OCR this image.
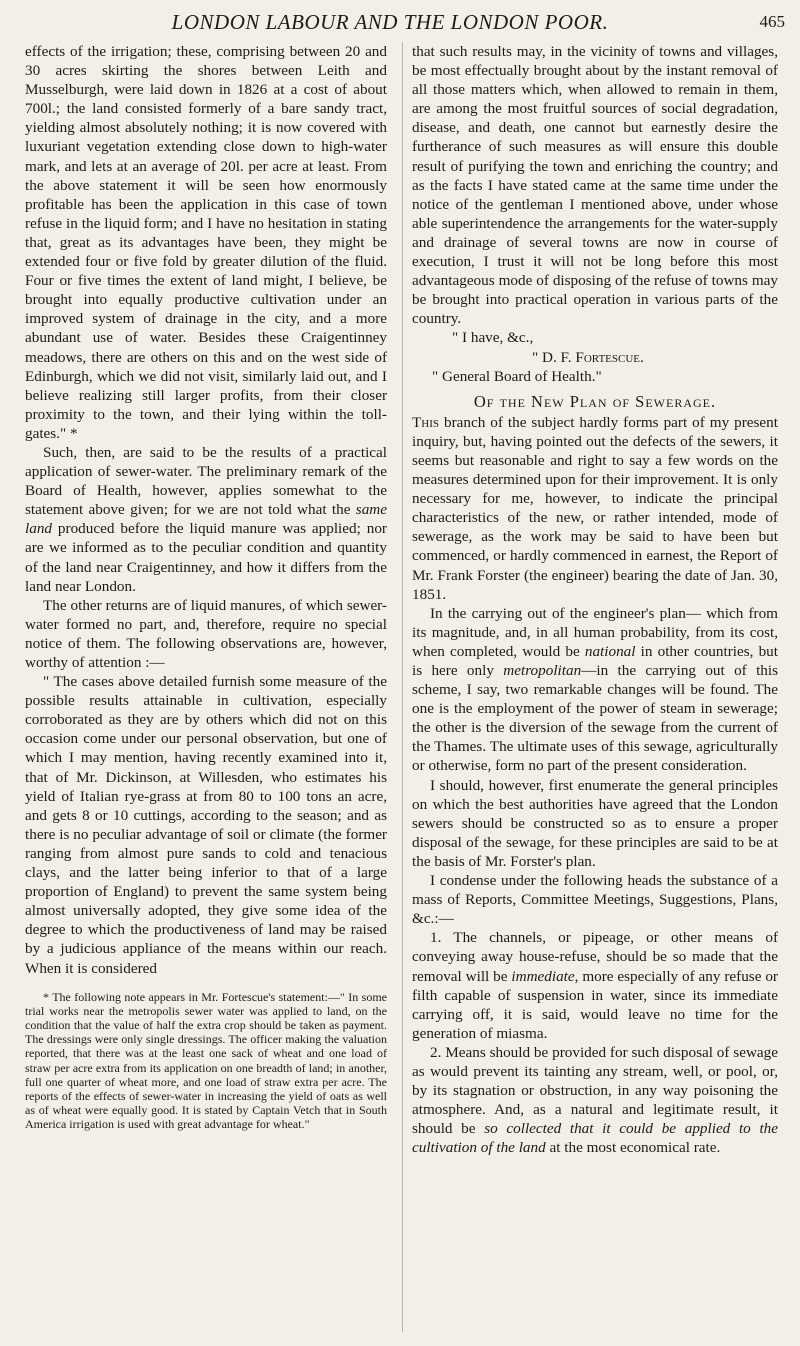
LONDON LABOUR AND THE LONDON POOR.	465

effects of the irrigation; these, comprising between 20 and 30 acres skirting the shores between Leith and Musselburgh, were laid down in 1826 at a cost of about 700l.; the land consisted formerly of a bare sandy tract, yielding almost absolutely nothing; it is now covered with luxuriant vegetation extending close down to high-water mark, and lets at an average of 20l. per acre at least. From the above statement it will be seen how enormously profitable has been the application in this case of town refuse in the liquid form; and I have no hesitation in stating that, great as its advantages have been, they might be extended four or five fold by greater dilution of the fluid. Four or five times the extent of land might, I believe, be brought into equally productive cultivation under an improved system of drainage in the city, and a more abundant use of water. Besides these Craigentinney meadows, there are others on this and on the west side of Edinburgh, which we did not visit, similarly laid out, and I believe realizing still larger profits, from their closer proximity to the town, and their lying within the toll-gates." *

Such, then, are said to be the results of a practical application of sewer-water. The preliminary remark of the Board of Health, however, applies somewhat to the statement above given; for we are not told what the same land produced before the liquid manure was applied; nor are we informed as to the peculiar condition and quantity of the land near Craigentinney, and how it differs from the land near London.

The other returns are of liquid manures, of which sewer-water formed no part, and, therefore, require no special notice of them. The following observations are, however, worthy of attention :—

" The cases above detailed furnish some measure of the possible results attainable in cultivation, especially corroborated as they are by others which did not on this occasion come under our personal observation, but one of which I may mention, having recently examined into it, that of Mr. Dickinson, at Willesden, who estimates his yield of Italian rye-grass at from 80 to 100 tons an acre, and gets 8 or 10 cuttings, according to the season; and as there is no peculiar advantage of soil or climate (the former ranging from almost pure sands to cold and tenacious clays, and the latter being inferior to that of a large proportion of England) to prevent the same system being almost universally adopted, they give some idea of the degree to which the productiveness of land may be raised by a judicious appliance of the means within our reach. When it is considered

* The following note appears in Mr. Fortescue's statement:—" In some trial works near the metropolis sewer water was applied to land, on the condition that the value of half the extra crop should be taken as payment. The dressings were only single dressings. The officer making the valuation reported, that there was at the least one sack of wheat and one load of straw per acre extra from its application on one breadth of land; in another, full one quarter of wheat more, and one load of straw extra per acre. The reports of the effects of sewer-water in increasing the yield of oats as well as of wheat were equally good. It is stated by Captain Vetch that in South America irrigation is used with great advantage for wheat."

that such results may, in the vicinity of towns and villages, be most effectually brought about by the instant removal of all those matters which, when allowed to remain in them, are among the most fruitful sources of social degradation, disease, and death, one cannot but earnestly desire the furtherance of such measures as will ensure this double result of purifying the town and enriching the country; and as the facts I have stated came at the same time under the notice of the gentleman I mentioned above, under whose able superintendence the arrangements for the water-supply and drainage of several towns are now in course of execution, I trust it will not be long before this most advantageous mode of disposing of the refuse of towns may be brought into practical operation in various parts of the country.

" I have, &c.,

" D. F. Fortescue.

" General Board of Health."

Of the New Plan of Sewerage.

This branch of the subject hardly forms part of my present inquiry, but, having pointed out the defects of the sewers, it seems but reasonable and right to say a few words on the measures determined upon for their improvement. It is only necessary for me, however, to indicate the principal characteristics of the new, or rather intended, mode of sewerage, as the work may be said to have been but commenced, or hardly commenced in earnest, the Report of Mr. Frank Forster (the engineer) bearing the date of Jan. 30, 1851.

In the carrying out of the engineer's plan— which from its magnitude, and, in all human probability, from its cost, when completed, would be national in other countries, but is here only metropolitan—in the carrying out of this scheme, I say, two remarkable changes will be found. The one is the employment of the power of steam in sewerage; the other is the diversion of the sewage from the current of the Thames. The ultimate uses of this sewage, agriculturally or otherwise, form no part of the present consideration.

I should, however, first enumerate the general principles on which the best authorities have agreed that the London sewers should be constructed so as to ensure a proper disposal of the sewage, for these principles are said to be at the basis of Mr. Forster's plan.

I condense under the following heads the substance of a mass of Reports, Committee Meetings, Suggestions, Plans, &c.:—

1. The channels, or pipeage, or other means of conveying away house-refuse, should be so made that the removal will be immediate, more especially of any refuse or filth capable of suspension in water, since its immediate carrying off, it is said, would leave no time for the generation of miasma.

2. Means should be provided for such disposal of sewage as would prevent its tainting any stream, well, or pool, or, by its stagnation or obstruction, in any way poisoning the atmosphere. And, as a natural and legitimate result, it should be so collected that it could be applied to the cultivation of the land at the most economical rate.
